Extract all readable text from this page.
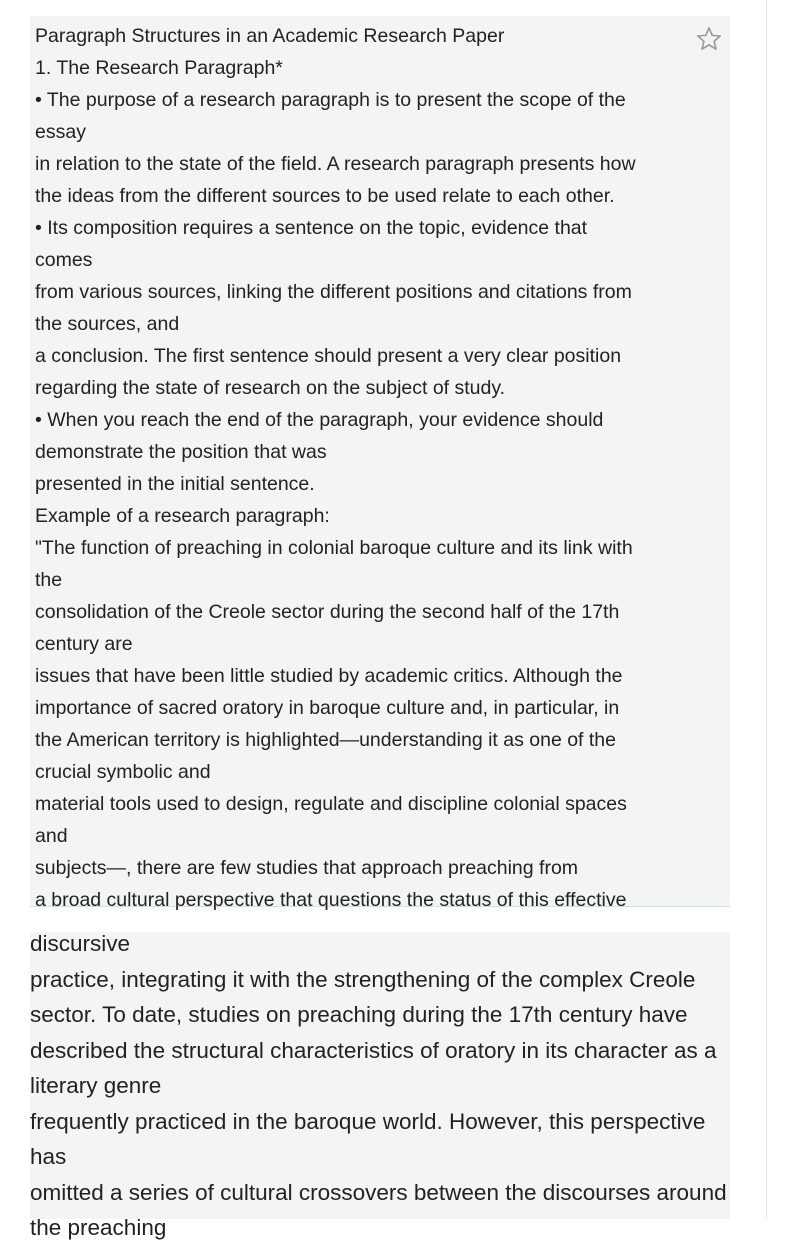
Paragraph Structures in an Academic Research Paper
1. The Research Paragraph*
• The purpose of a research paragraph is to present the scope of the
essay
in relation to the state of the field. A research paragraph presents how
the ideas from the different sources to be used relate to each other.
• Its composition requires a sentence on the topic, evidence that
comes
from various sources, linking the different positions and citations from
the sources, and
a conclusion. The first sentence should present a very clear position
regarding the state of research on the subject of study.
• When you reach the end of the paragraph, your evidence should
demonstrate the position that was
presented in the initial sentence.
Example of a research paragraph:
"The function of preaching in colonial baroque culture and its link with
the
consolidation of the Creole sector during the second half of the 17th
century are
issues that have been little studied by academic critics. Although the
importance of sacred oratory in baroque culture and, in particular, in
the American territory is highlighted—understanding it as one of the
crucial symbolic and
material tools used to design, regulate and discipline colonial spaces
and
subjects—, there are few studies that approach preaching from
a broad cultural perspective that questions the status of this effective
discursive
practice, integrating it with the strengthening of the complex Creole
sector. To date, studies on preaching during the 17th century have
described the structural characteristics of oratory in its character as a
literary genre
frequently practiced in the baroque world. However, this perspective
has
omitted a series of cultural crossovers between the discourses around
the preaching
